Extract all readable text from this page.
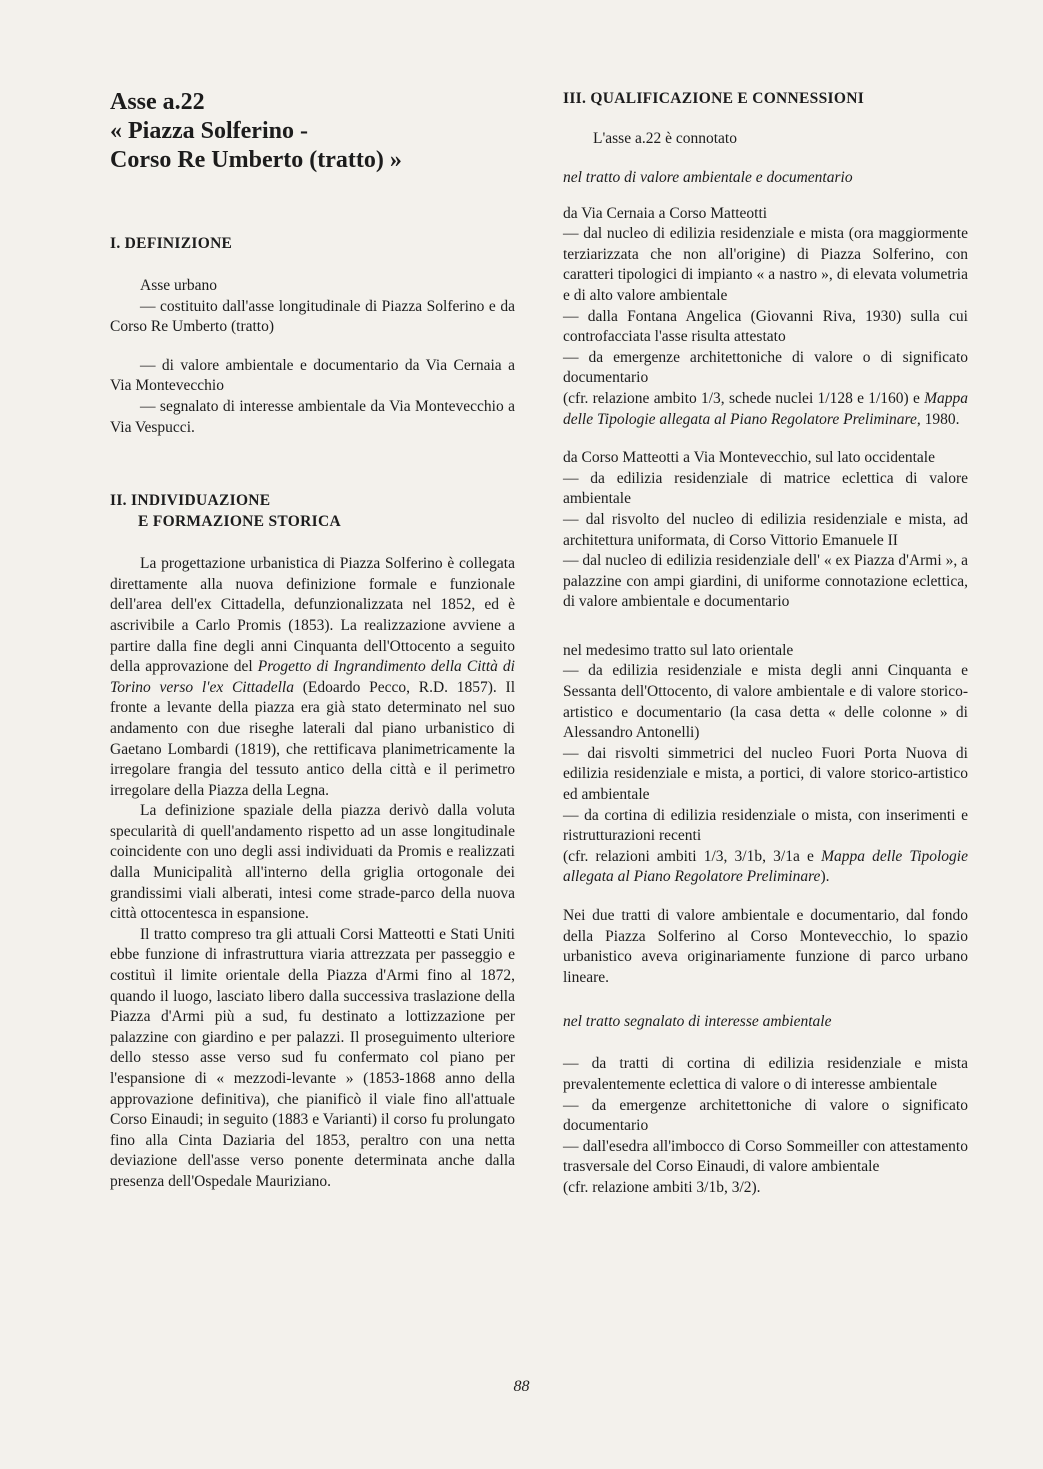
Asse a.22
« Piazza Solferino -
Corso Re Umberto (tratto) »
I. DEFINIZIONE

Asse urbano

— costituito dall'asse longitudinale di Piazza Solferino e da Corso Re Umberto (tratto)

— di valore ambientale e documentario da Via Cernaia a Via Montevecchio

— segnalato di interesse ambientale da Via Montevecchio a Via Vespucci.

II. INDIVIDUAZIONE
E FORMAZIONE STORICA

La progettazione urbanistica di Piazza Solferino è collegata direttamente alla nuova definizione formale e funzionale dell'area dell'ex Cittadella, defunzionalizzata nel 1852, ed è ascrivibile a Carlo Promis (1853). La realizzazione avviene a partire dalla fine degli anni Cinquanta dell'Ottocento a seguito della approvazione del Progetto di Ingrandimento della Città di Torino verso l'ex Cittadella (Edoardo Pecco, R.D. 1857). Il fronte a levante della piazza era già stato determinato nel suo andamento con due riseghe laterali dal piano urbanistico di Gaetano Lombardi (1819), che rettificava planimetricamente la irregolare frangia del tessuto antico della città e il perimetro irregolare della Piazza della Legna.

La definizione spaziale della piazza derivò dalla voluta specularità di quell'andamento rispetto ad un asse longitudinale coincidente con uno degli assi individuati da Promis e realizzati dalla Municipalità all'interno della griglia ortogonale dei grandissimi viali alberati, intesi come strade-parco della nuova città ottocentesca in espansione.

Il tratto compreso tra gli attuali Corsi Matteotti e Stati Uniti ebbe funzione di infrastruttura viaria attrezzata per passeggio e costituì il limite orientale della Piazza d'Armi fino al 1872, quando il luogo, lasciato libero dalla successiva traslazione della Piazza d'Armi più a sud, fu destinato a lottizzazione per palazzine con giardino e per palazzi. Il proseguimento ulteriore dello stesso asse verso sud fu confermato col piano per l'espansione di « mezzodi-levante » (1853-1868 anno della approvazione definitiva), che pianificò il viale fino all'attuale Corso Einaudi; in seguito (1883 e Varianti) il corso fu prolungato fino alla Cinta Daziaria del 1853, peraltro con una netta deviazione dell'asse verso ponente determinata anche dalla presenza dell'Ospedale Mauriziano.

III. QUALIFICAZIONE E CONNESSIONI

L'asse a.22 è connotato

nel tratto di valore ambientale e documentario

da Via Cernaia a Corso Matteotti

— dal nucleo di edilizia residenziale e mista (ora maggiormente terziarizzata che non all'origine) di Piazza Solferino, con caratteri tipologici di impianto « a nastro », di elevata volumetria e di alto valore ambientale

— dalla Fontana Angelica (Giovanni Riva, 1930) sulla cui controfacciata l'asse risulta attestato

— da emergenze architettoniche di valore o di significato documentario

(cfr. relazione ambito 1/3, schede nuclei 1/128 e 1/160) e Mappa delle Tipologie allegata al Piano Regolatore Preliminare, 1980.

da Corso Matteotti a Via Montevecchio, sul lato occidentale

— da edilizia residenziale di matrice eclettica di valore ambientale

— dal risvolto del nucleo di edilizia residenziale e mista, ad architettura uniformata, di Corso Vittorio Emanuele II

— dal nucleo di edilizia residenziale dell' « ex Piazza d'Armi », a palazzine con ampi giardini, di uniforme connotazione eclettica, di valore ambientale e documentario

nel medesimo tratto sul lato orientale

— da edilizia residenziale e mista degli anni Cinquanta e Sessanta dell'Ottocento, di valore ambientale e di valore storico-artistico e documentario (la casa detta « delle colonne » di Alessandro Antonelli)

— dai risvolti simmetrici del nucleo Fuori Porta Nuova di edilizia residenziale e mista, a portici, di valore storico-artistico ed ambientale

— da cortina di edilizia residenziale o mista, con inserimenti e ristrutturazioni recenti

(cfr. relazioni ambiti 1/3, 3/1b, 3/1a e Mappa delle Tipologie allegata al Piano Regolatore Preliminare).

Nei due tratti di valore ambientale e documentario, dal fondo della Piazza Solferino al Corso Montevecchio, lo spazio urbanistico aveva originariamente funzione di parco urbano lineare.

nel tratto segnalato di interesse ambientale

— da tratti di cortina di edilizia residenziale e mista prevalentemente eclettica di valore o di interesse ambientale

— da emergenze architettoniche di valore o significato documentario

— dall'esedra all'imbocco di Corso Sommeiller con attestamento trasversale del Corso Einaudi, di valore ambientale

(cfr. relazione ambiti 3/1b, 3/2).

88
